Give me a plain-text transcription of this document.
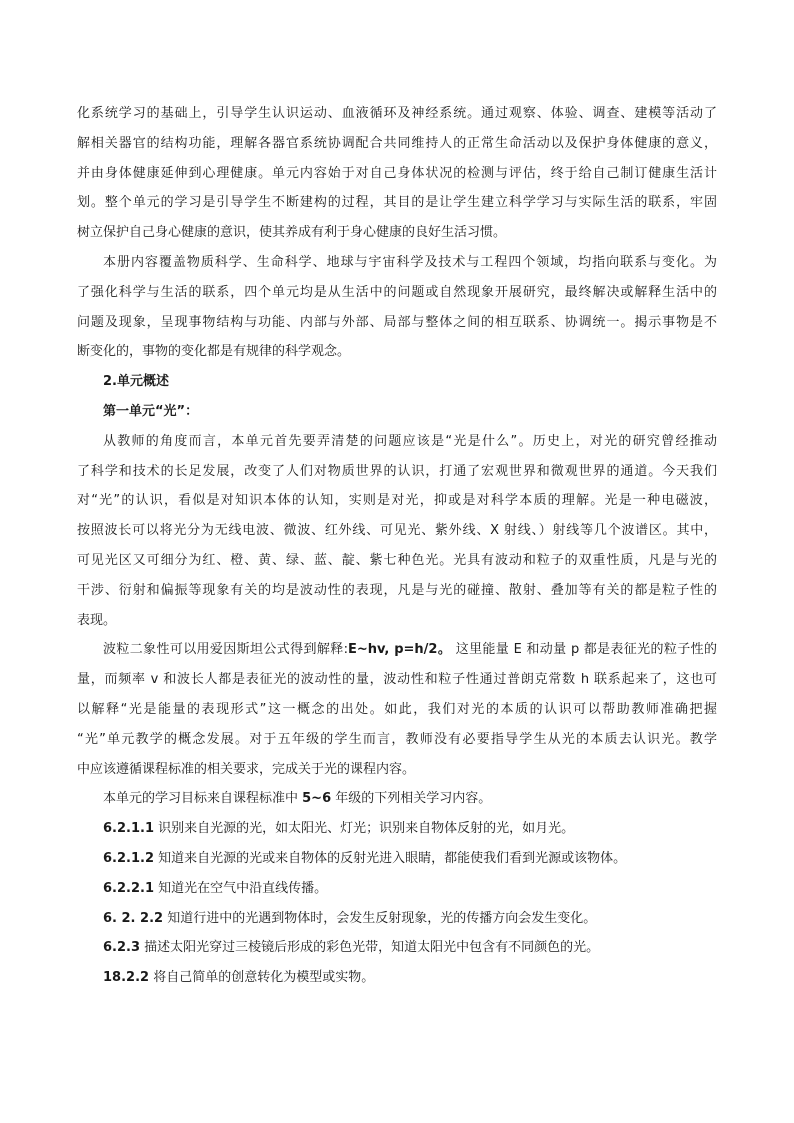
化系统学习的基础上，引导学生认识运动、血液循环及神经系统。通过观察、体验、调查、建模等活动了
解相关器官的结构功能，理解各器官系统协调配合共同维持人的正常生命活动以及保护身体健康的意义，
并由身体健康延伸到心理健康。单元内容始于对自己身体状况的检测与评估，终于给自己制订健康生活计
划。整个单元的学习是引导学生不断建构的过程，其目的是让学生建立科学学习与实际生活的联系，牢固
树立保护自己身心健康的意识，使其养成有利于身心健康的良好生活习惯。
本册内容覆盖物质科学、生命科学、地球与宇宙科学及技术与工程四个领域，均指向联系与变化。为
了强化科学与生活的联系，四个单元均是从生活中的问题或自然现象开展研究，最终解决或解释生活中的
问题及现象，呈现事物结构与功能、内部与外部、局部与整体之间的相互联系、协调统一。揭示事物是不
断变化的，事物的变化都是有规律的科学观念。
2.单元概述
第一单元“光”：
从教师的角度而言，本单元首先要弄清楚的问题应该是“光是什么”。历史上，对光的研究曾经推动
了科学和技术的长足发展，改变了人们对物质世界的认识，打通了宏观世界和微观世界的通道。今天我们
对“光”的认识，看似是对知识本体的认知，实则是对光，抑或是对科学本质的理解。光是一种电磁波，
按照波长可以将光分为无线电波、微波、红外线、可见光、紫外线、X 射线、）射线等几个波谱区。其中，
可见光区又可细分为红、橙、黄、绿、蓝、靛、紫七种色光。光具有波动和粒子的双重性质，凡是与光的
干涉、衍射和偏振等现象有关的均是波动性的表现，凡是与光的碰撞、散射、叠加等有关的都是粒子性的
表现。
波粒二象性可以用爱因斯坦公式得到解释:E~hv, p=h/2。 这里能量 E 和动量 p 都是表征光的粒子性的
量，而频率 v 和波长人都是表征光的波动性的量，波动性和粒子性通过普朗克常数 h 联系起来了，这也可
以解释“光是能量的表现形式”这一概念的出处。如此，我们对光的本质的认识可以帮助教师准确把握
“光”单元教学的概念发展。对于五年级的学生而言，教师没有必要指导学生从光的本质去认识光。教学
中应该遵循课程标准的相关要求，完成关于光的课程内容。
本单元的学习目标来自课程标准中 5~6 年级的下列相关学习内容。
6.2.1.1 识别来自光源的光，如太阳光、灯光；识别来自物体反射的光，如月光。
6.2.1.2 知道来自光源的光或来自物体的反射光进入眼睛，都能使我们看到光源或该物体。
6.2.2.1 知道光在空气中沿直线传播。
6. 2. 2.2 知道行进中的光遇到物体时，会发生反射现象，光的传播方向会发生变化。
6.2.3 描述太阳光穿过三棱镜后形成的彩色光带，知道太阳光中包含有不同颜色的光。
18.2.2 将自己简单的创意转化为模型或实物。
